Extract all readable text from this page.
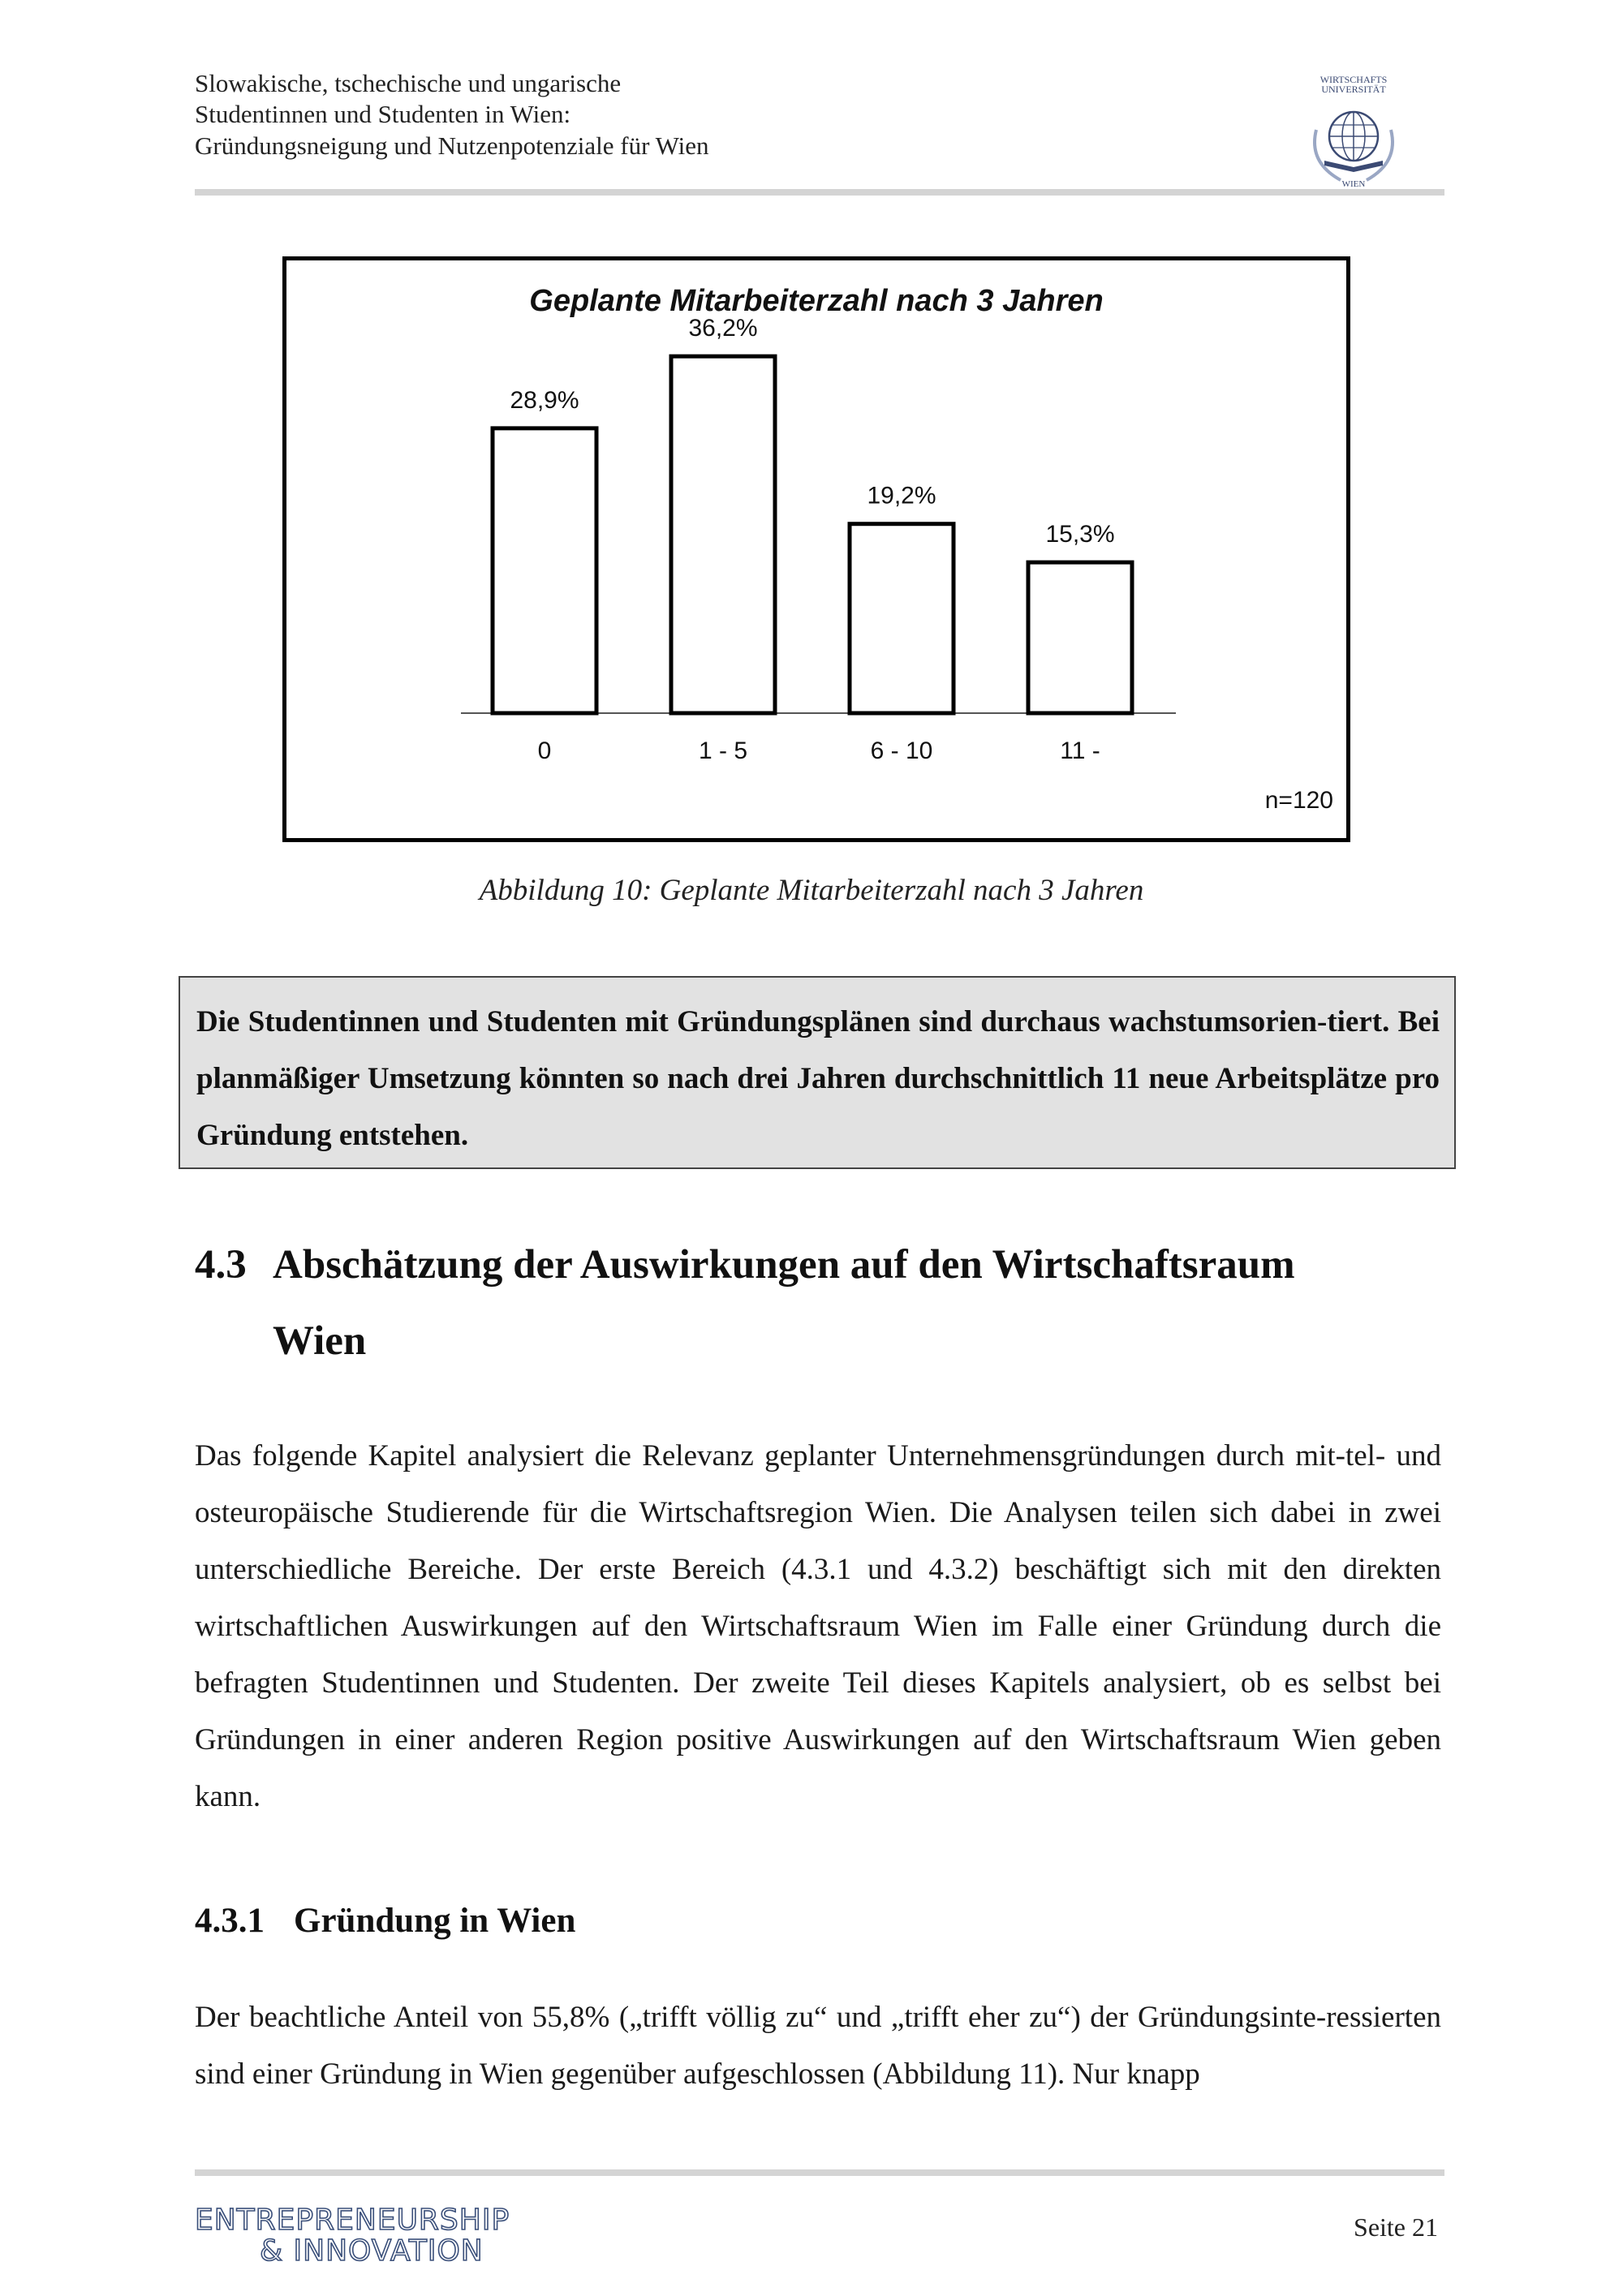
Slowakische, tschechische und ungarische
Studentinnen und Studenten in Wien:
Gründungsneigung und Nutzenpotenziale für Wien
WIRTSCHAFTS
UNIVERSITÄT
WIEN
Geplante Mitarbeiterzahl nach 3 Jahren
28,9%
0
36,2%
1 - 5
19,2%
6 - 10
15,3%
11 -
n=120
Abbildung 10: Geplante Mitarbeiterzahl nach 3 Jahren
Die Studentinnen und Studenten mit Gründungsplänen sind durchaus wachstumsorien-tiert. Bei planmäßiger Umsetzung könnten so nach drei Jahren durchschnittlich 11 neue Arbeitsplätze pro Gründung entstehen.
4.3 Abschätzung der Auswirkungen auf den Wirtschaftsraum
Wien
Das folgende Kapitel analysiert die Relevanz geplanter Unternehmensgründungen durch mit-tel- und osteuropäische Studierende für die Wirtschaftsregion Wien. Die Analysen teilen sich dabei in zwei unterschiedliche Bereiche. Der erste Bereich (4.3.1 und 4.3.2) beschäftigt sich mit den direkten wirtschaftlichen Auswirkungen auf den Wirtschaftsraum Wien im Falle einer Gründung durch die befragten Studentinnen und Studenten. Der zweite Teil dieses Kapitels analysiert, ob es selbst bei Gründungen in einer anderen Region positive Auswirkungen auf den Wirtschaftsraum Wien geben kann.
4.3.1 Gründung in Wien
Der beachtliche Anteil von 55,8% („trifft völlig zu“ und „trifft eher zu“) der Gründungsinte-ressierten sind einer Gründung in Wien gegenüber aufgeschlossen (Abbildung 11). Nur knapp
ENTREPRENEURSHIP
& INNOVATION
Seite 21
